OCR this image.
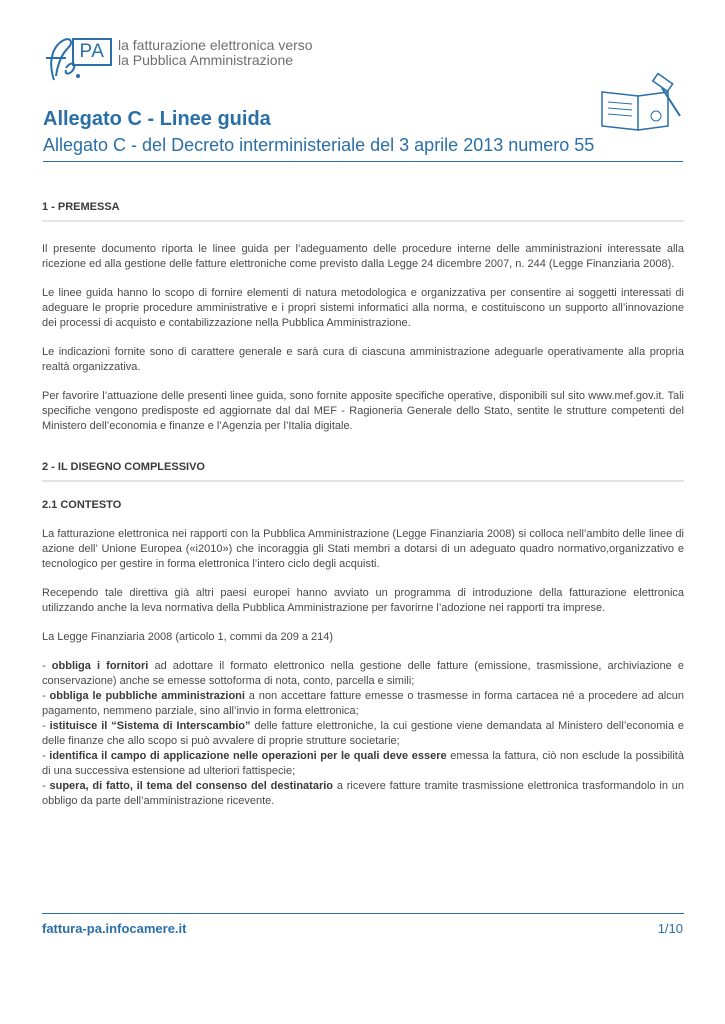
PA la fatturazione elettronica verso
la Pubblica Amministrazione
Allegato C - Linee guida
Allegato C - del Decreto interministeriale del 3 aprile 2013 numero 55

1 - PREMESSA

Il presente documento riporta le linee guida per l’adeguamento delle procedure interne delle amministrazioni interessate alla ricezione ed alla gestione delle fatture elettroniche come previsto dalla Legge 24 dicembre 2007, n. 244 (Legge Finanziaria 2008).

Le linee guida hanno lo scopo di fornire elementi di natura metodologica e organizzativa per consentire ai soggetti interessati di adeguare le proprie procedure amministrative e i propri sistemi informatici alla norma, e costituiscono un supporto all’innovazione dei processi di acquisto e contabilizzazione nella Pubblica Amministrazione.

Le indicazioni fornite sono di carattere generale e sarà cura di ciascuna amministrazione adeguarle operativamente alla propria realtà organizzativa.

Per favorire l’attuazione delle presenti linee guida, sono fornite apposite specifiche operative, disponibili sul sito www.mef.gov.it. Tali specifiche vengono predisposte ed aggiornate dal dal MEF - Ragioneria Generale dello Stato, sentite le strutture competenti del Ministero dell’economia e finanze e l’Agenzia per l’Italia digitale.

2 - IL DISEGNO COMPLESSIVO

2.1 CONTESTO

La fatturazione elettronica nei rapporti con la Pubblica Amministrazione (Legge Finanziaria 2008) si colloca nell’ambito delle linee di azione dell’ Unione Europea («i2010») che incoraggia gli Stati membri a dotarsi di un adeguato quadro normativo,organizzativo e tecnologico per gestire in forma elettronica l’intero ciclo degli acquisti.

Recependo tale direttiva già altri paesi europei hanno avviato un programma di introduzione della fatturazione elettronica utilizzando anche la leva normativa della Pubblica Amministrazione per favorirne l’adozione nei rapporti tra imprese.

La Legge Finanziaria 2008 (articolo 1, commi da 209 a 214)

- obbliga i fornitori ad adottare il formato elettronico nella gestione delle fatture (emissione, trasmissione, archiviazione e conservazione) anche se emesse sottoforma di nota, conto, parcella e simili;

- obbliga le pubbliche amministrazioni a non accettare fatture emesse o trasmesse in forma cartacea né a procedere ad alcun pagamento, nemmeno parziale, sino all’invio in forma elettronica;

- istituisce il “Sistema di Interscambio” delle fatture elettroniche, la cui gestione viene demandata al Ministero dell’economia e delle finanze che allo scopo si può avvalere di proprie strutture societarie;

- identifica il campo di applicazione nelle operazioni per le quali deve essere emessa la fattura, ciò non esclude la possibilità di una successiva estensione ad ulteriori fattispecie;

- supera, di fatto, il tema del consenso del destinatario a ricevere fatture tramite trasmissione elettronica trasformandolo in un obbligo da parte dell’amministrazione ricevente.

fattura-pa.infocamere.it	1/10
